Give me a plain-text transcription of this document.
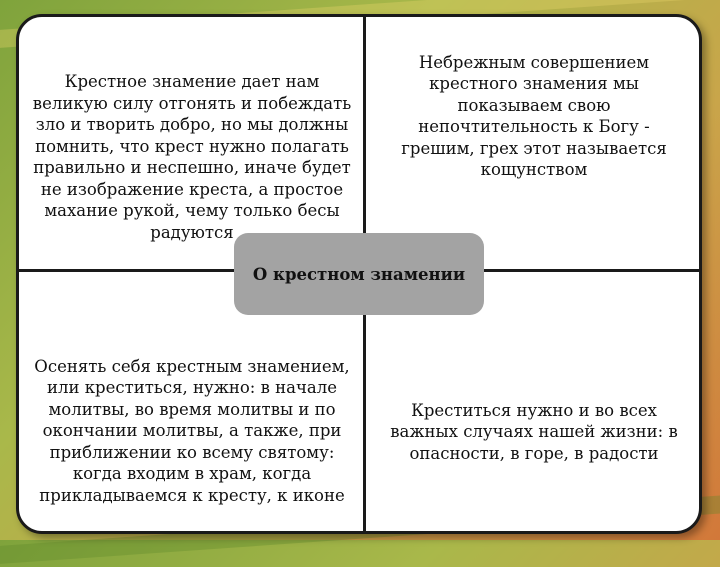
Крестное знамение дает нам великую силу отгонять и побеждать зло и творить добро, но мы должны помнить, что крест нужно полагать правильно и неспешно, иначе будет не изображение креста, а простое махание рукой, чему только бесы радуются
Небрежным совершением крестного знамения мы показываем свою непочтительность к Богу - грешим, грех этот называется кощунством
Осенять себя крестным знамением, или креститься, нужно: в начале молитвы, во время молитвы и по окончании молитвы, а также, при приближении ко всему святому: когда входим в храм, когда прикладываемся к кресту, к иконе
Креститься нужно и во всех важных случаях нашей жизни: в опасности, в горе, в радости
О крестном знамении
